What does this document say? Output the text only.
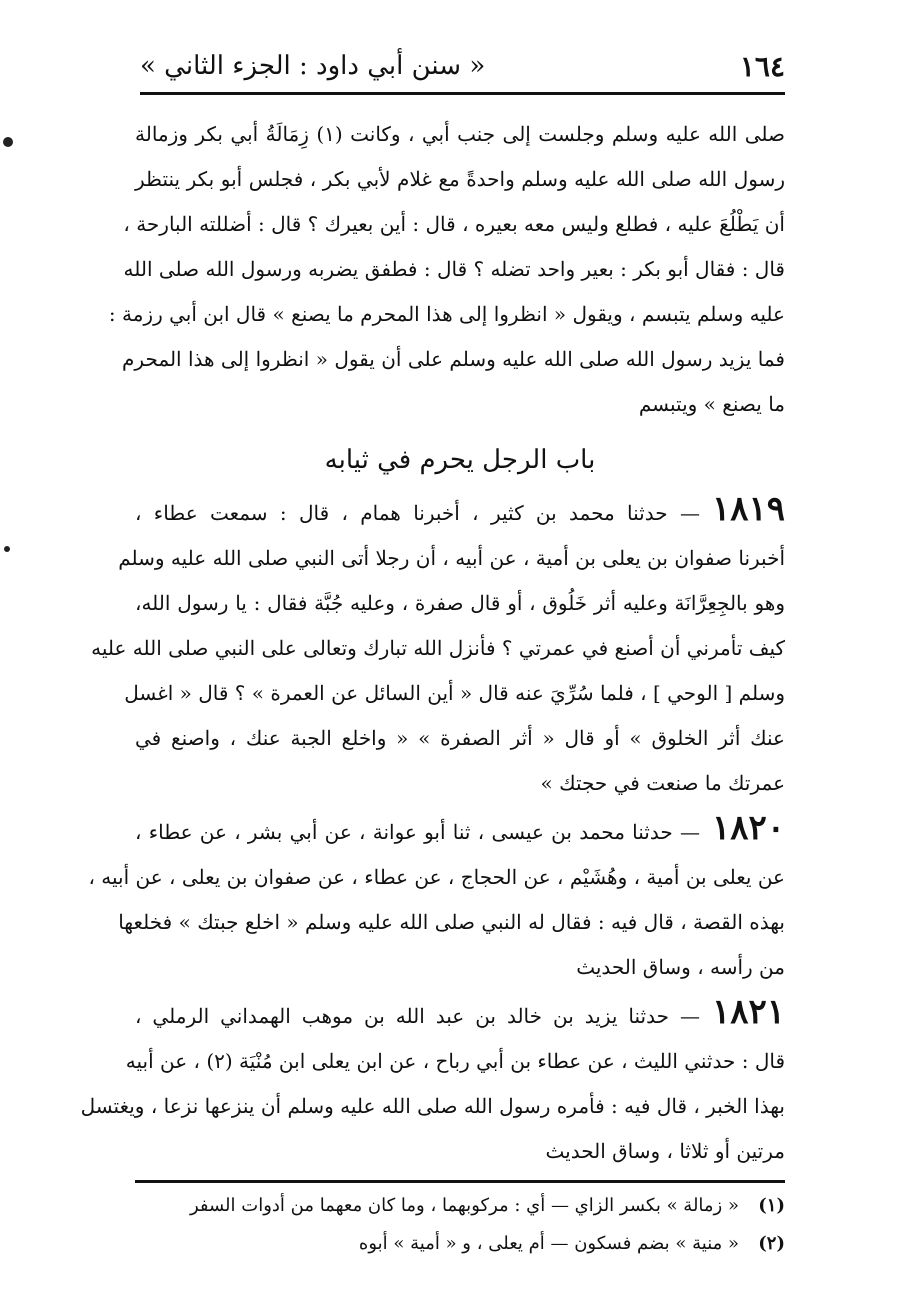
١٦٤
« سنن أبي داود : الجزء الثاني »
صلى الله عليه وسلم وجلست إلى جنب أبي ، وكانت (١) زِمَالَةُ أبي بكر وزمالة
رسول الله صلى الله عليه وسلم واحدةً مع غلام لأبي بكر ، فجلس أبو بكر ينتظر
أن يَطْلُعَ عليه ، فطلع وليس معه بعيره ، قال : أين بعيرك ؟ قال : أضللته البارحة ،
قال : فقال أبو بكر : بعير واحد تضله ؟ قال : فطفق يضربه ورسول الله صلى الله
عليه وسلم يتبسم ، ويقول « انظروا إلى هذا المحرم ما يصنع » قال ابن أبي رزمة :
فما يزيد رسول الله صلى الله عليه وسلم على أن يقول « انظروا إلى هذا المحرم
ما يصنع » ويتبسم
باب الرجل يحرم في ثيابه
١٨١٩— حدثنا محمد بن كثير ، أخبرنا همام ، قال : سمعت عطاء ،
أخبرنا صفوان بن يعلى بن أمية ، عن أبيه ، أن رجلا أتى النبي صلى الله عليه وسلم
وهو بالجِعِرَّانَة وعليه أثر خَلُوق ، أو قال صفرة ، وعليه جُبَّة فقال : يا رسول الله،
كيف تأمرني أن أصنع في عمرتي ؟ فأنزل الله تبارك وتعالى على النبي صلى الله عليه
وسلم [ الوحي ] ، فلما سُرِّيَ عنه قال « أين السائل عن العمرة » ؟ قال « اغسل
عنك أثر الخلوق » أو قال « أثر الصفرة » « واخلع الجبة عنك ، واصنع في
عمرتك ما صنعت في حجتك »
١٨٢٠— حدثنا محمد بن عيسى ، ثنا أبو عوانة ، عن أبي بشر ، عن عطاء ،
عن يعلى بن أمية ، وهُشَيْم ، عن الحجاج ، عن عطاء ، عن صفوان بن يعلى ، عن أبيه ،
بهذه القصة ، قال فيه : فقال له النبي صلى الله عليه وسلم « اخلع جبتك » فخلعها
من رأسه ، وساق الحديث
١٨٢١— حدثنا يزيد بن خالد بن عبد الله بن موهب الهمداني الرملي ،
قال : حدثني الليث ، عن عطاء بن أبي رباح ، عن ابن يعلى ابن مُنْيَة (٢) ، عن أبيه
بهذا الخبر ، قال فيه : فأمره رسول الله صلى الله عليه وسلم أن ينزعها نزعا ، ويغتسل
مرتين أو ثلاثا ، وساق الحديث
(١)« زمالة » بكسر الزاي — أي : مركوبهما ، وما كان معهما من أدوات السفر
(٢)« منية » بضم فسكون — أم يعلى ، و « أمية » أبوه
